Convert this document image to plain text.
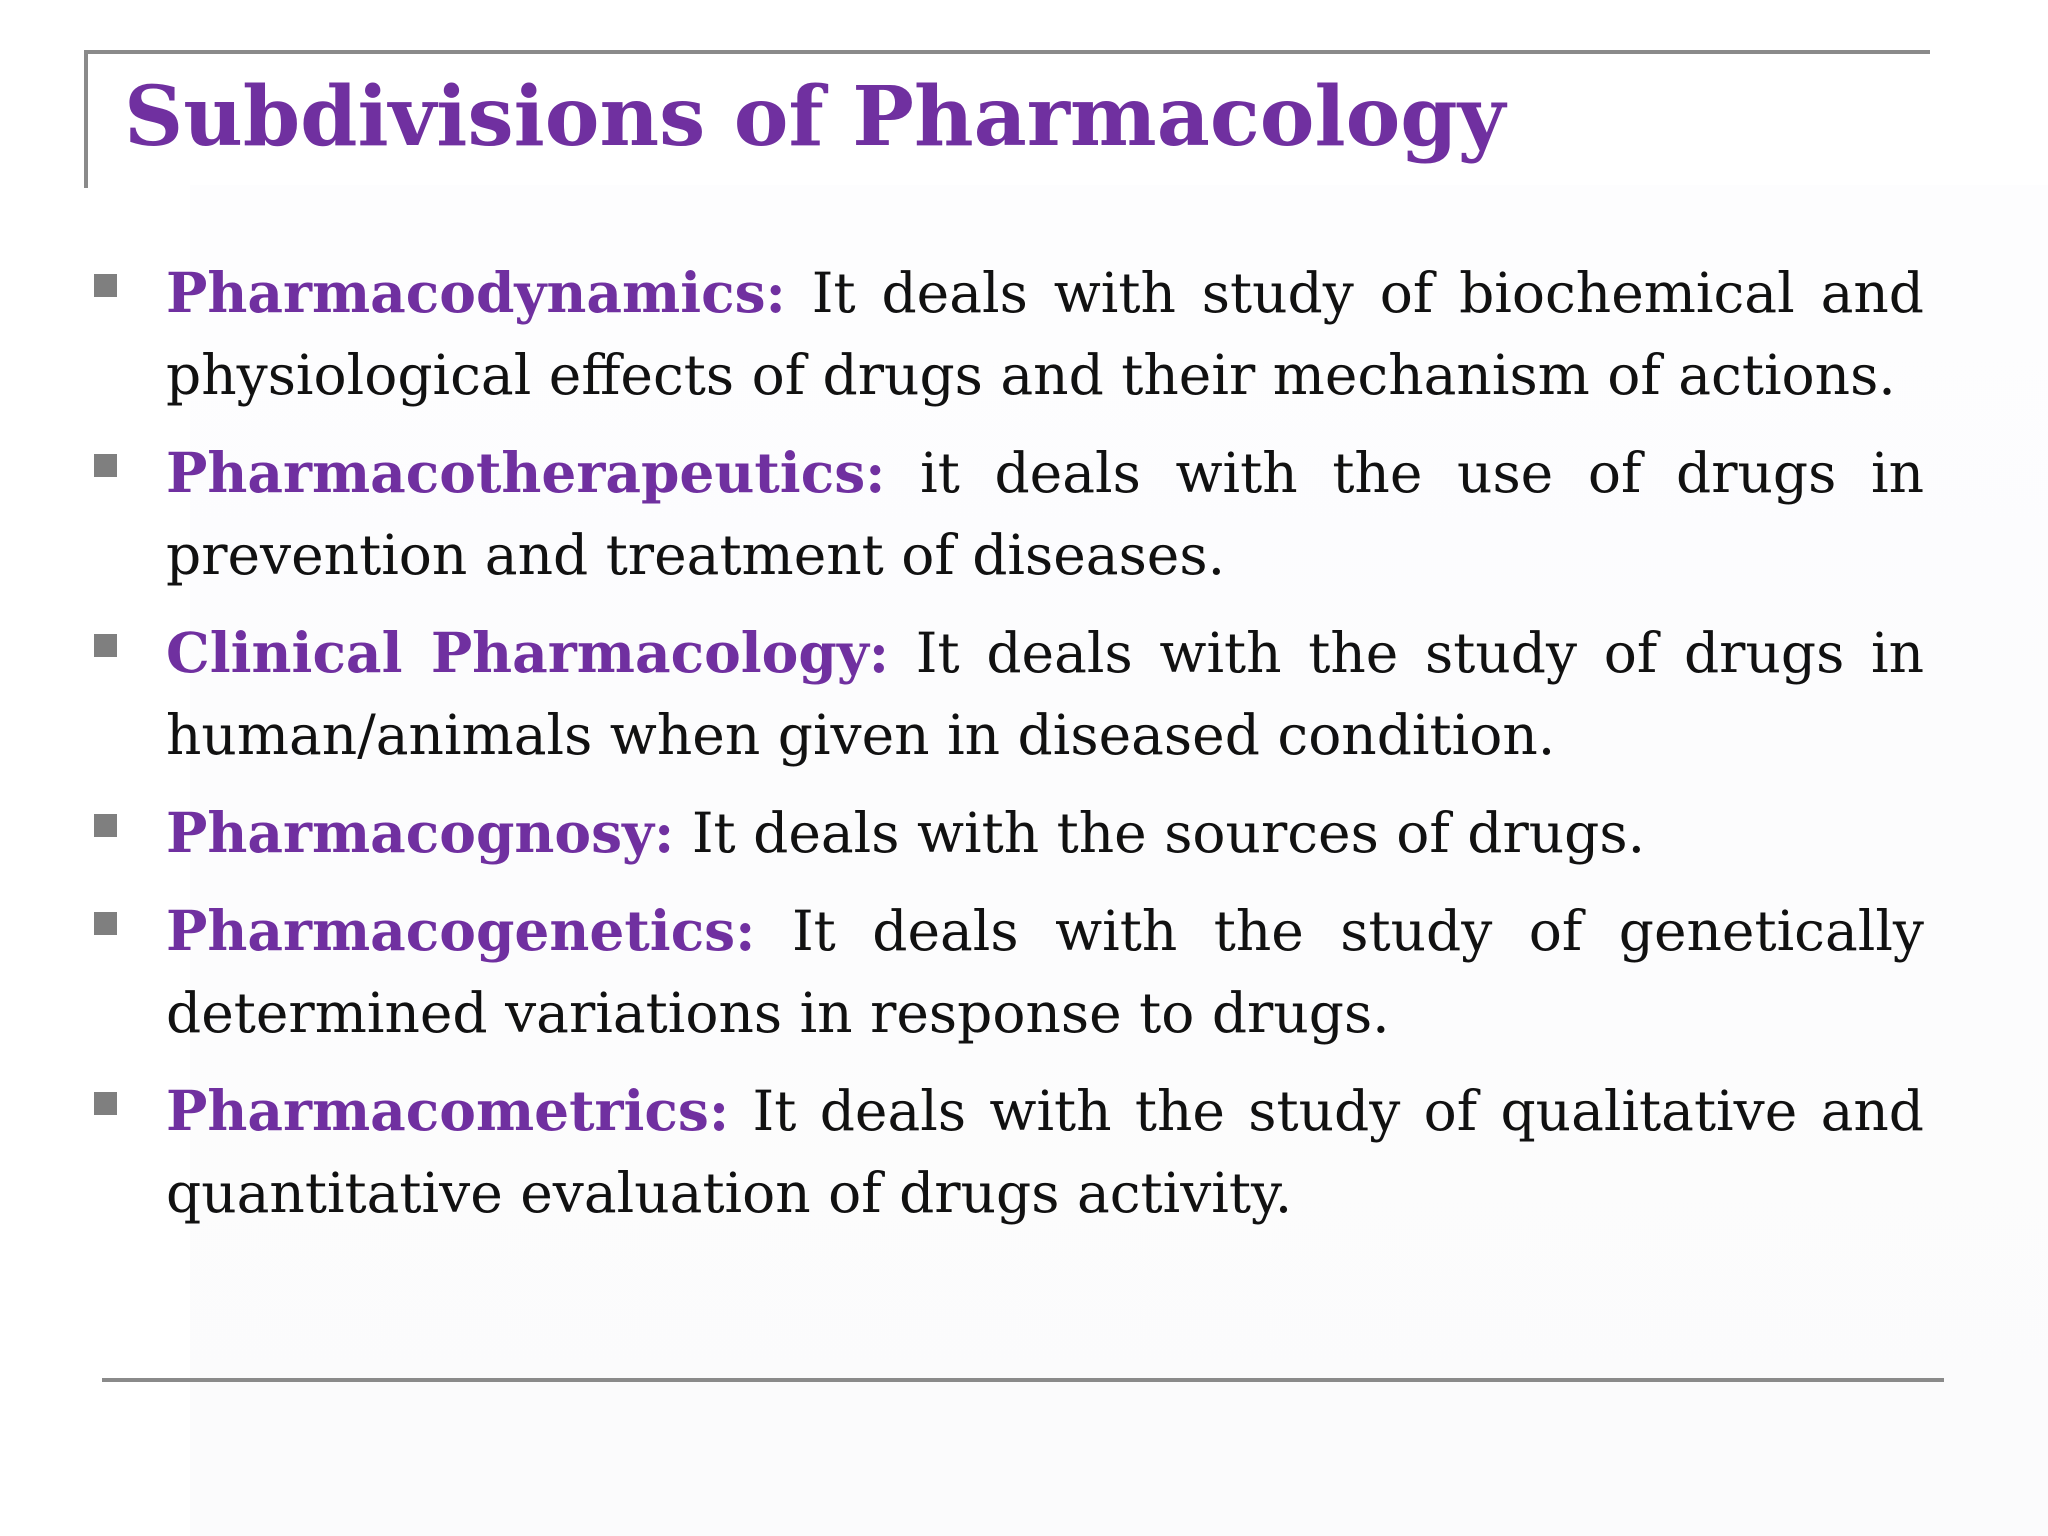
Subdivisions of Pharmacology
Pharmacodynamics: It deals with study of biochemical and physiological effects of drugs and their mechanism of actions.
Pharmacotherapeutics: it deals with the use of drugs in prevention and treatment of diseases.
Clinical Pharmacology: It deals with the study of drugs in human/animals when given in diseased condition.
Pharmacognosy: It deals with the sources of drugs.
Pharmacogenetics: It deals with the study of genetically determined variations in response to drugs.
Pharmacometrics: It deals with the study of qualitative and quantitative evaluation of drugs activity.
